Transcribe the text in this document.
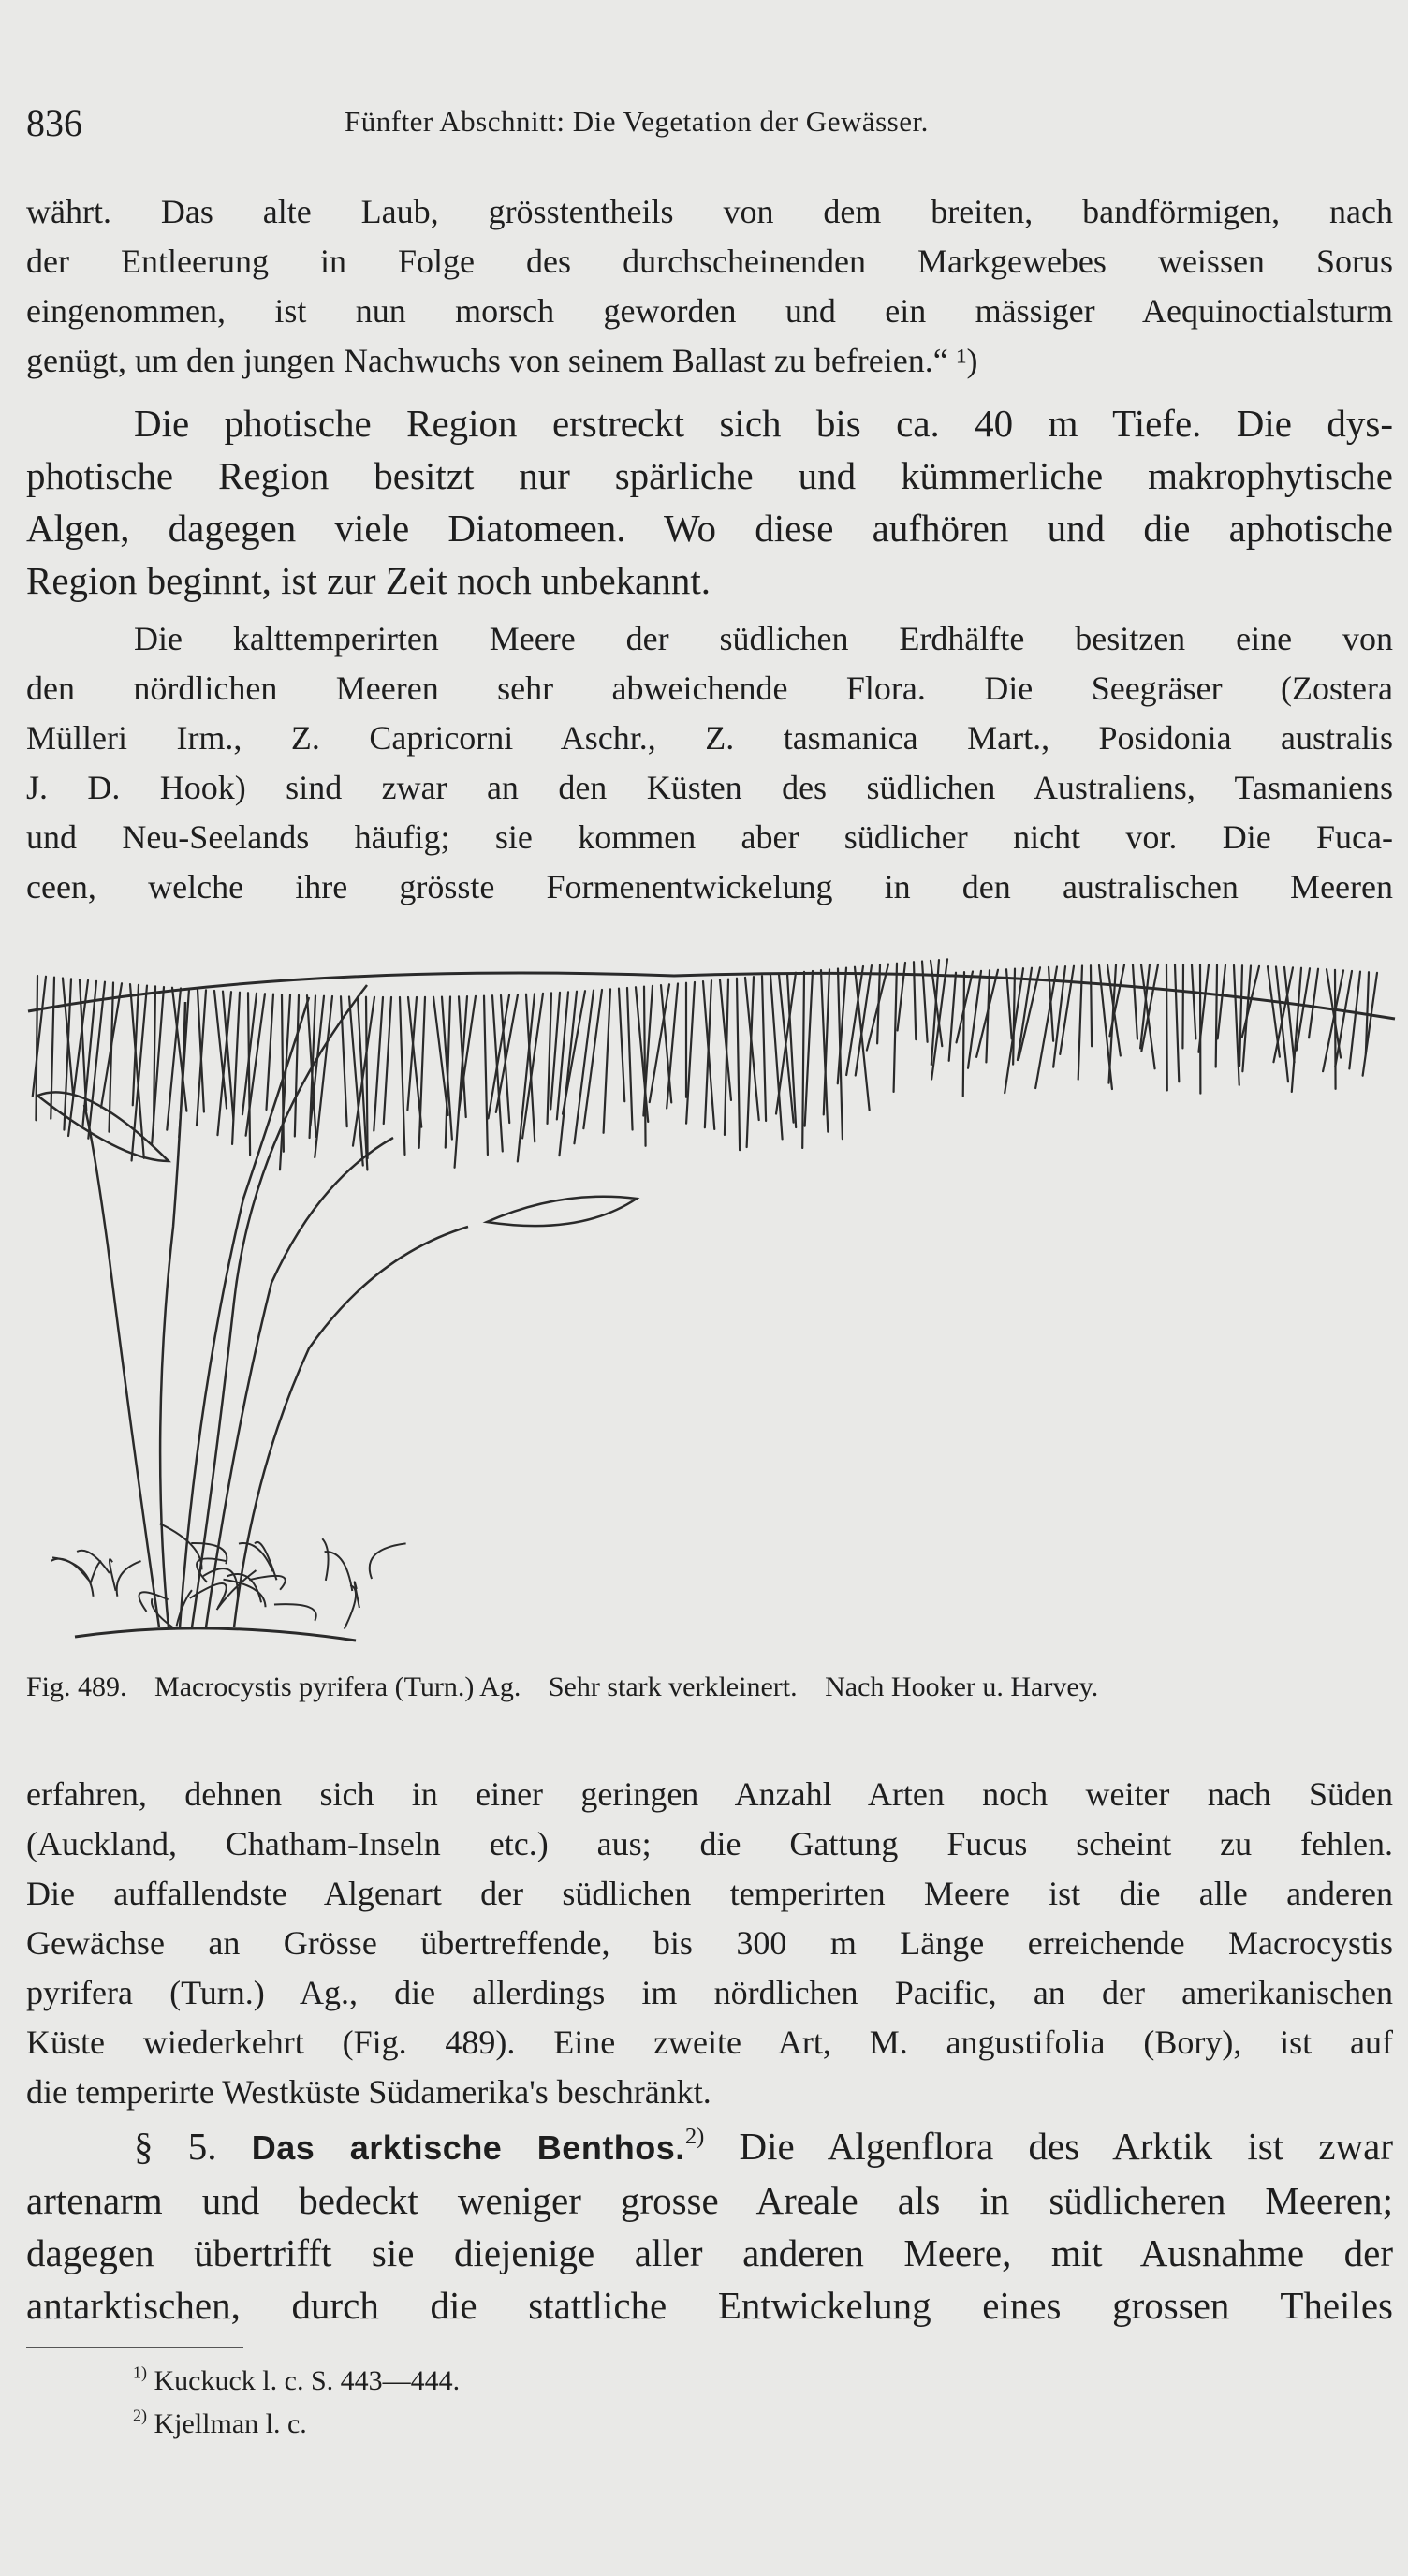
836	Fünfter Abschnitt: Die Vegetation der Gewässer.
währt. Das alte Laub, grösstentheils von dem breiten, bandförmigen, nach
der Entleerung in Folge des durchscheinenden Markgewebes weissen Sorus
eingenommen, ist nun morsch geworden und ein mässiger Aequinoctialsturm
genügt, um den jungen Nachwuchs von seinem Ballast zu befreien.“ ¹)
Die photische Region erstreckt sich bis ca. 40 m Tiefe. Die dys-
photische Region besitzt nur spärliche und kümmerliche makrophytische
Algen, dagegen viele Diatomeen. Wo diese aufhören und die aphotische
Region beginnt, ist zur Zeit noch unbekannt.
Die kalttemperirten Meere der südlichen Erdhälfte besitzen eine von
den nördlichen Meeren sehr abweichende Flora. Die Seegräser (Zostera
Mülleri Irm., Z. Capricorni Aschr., Z. tasmanica Mart., Posidonia australis
J. D. Hook) sind zwar an den Küsten des südlichen Australiens, Tasmaniens
und Neu-Seelands häufig; sie kommen aber südlicher nicht vor. Die Fuca-
ceen, welche ihre grösste Formenentwickelung in den australischen Meeren
Fig. 489. Macrocystis pyrifera (Turn.) Ag. Sehr stark verkleinert. Nach Hooker u. Harvey.
erfahren, dehnen sich in einer geringen Anzahl Arten noch weiter nach Süden
(Auckland, Chatham-Inseln etc.) aus; die Gattung Fucus scheint zu fehlen.
Die auffallendste Algenart der südlichen temperirten Meere ist die alle anderen
Gewächse an Grösse übertreffende, bis 300 m Länge erreichende Macrocystis
pyrifera (Turn.) Ag., die allerdings im nördlichen Pacific, an der amerikanischen
Küste wiederkehrt (Fig. 489). Eine zweite Art, M. angustifolia (Bory), ist auf
die temperirte Westküste Südamerika's beschränkt.
§ 5. Das arktische Benthos.$^{2)}$ Die Algenflora des Arktik ist zwar
artenarm und bedeckt weniger grosse Areale als in südlicheren Meeren;
dagegen übertrifft sie diejenige aller anderen Meere, mit Ausnahme der
antarktischen, durch die stattliche Entwickelung eines grossen Theiles
$^{1)}$ Kuckuck l. c. S. 443—444.
$^{2)}$ Kjellman l. c.
